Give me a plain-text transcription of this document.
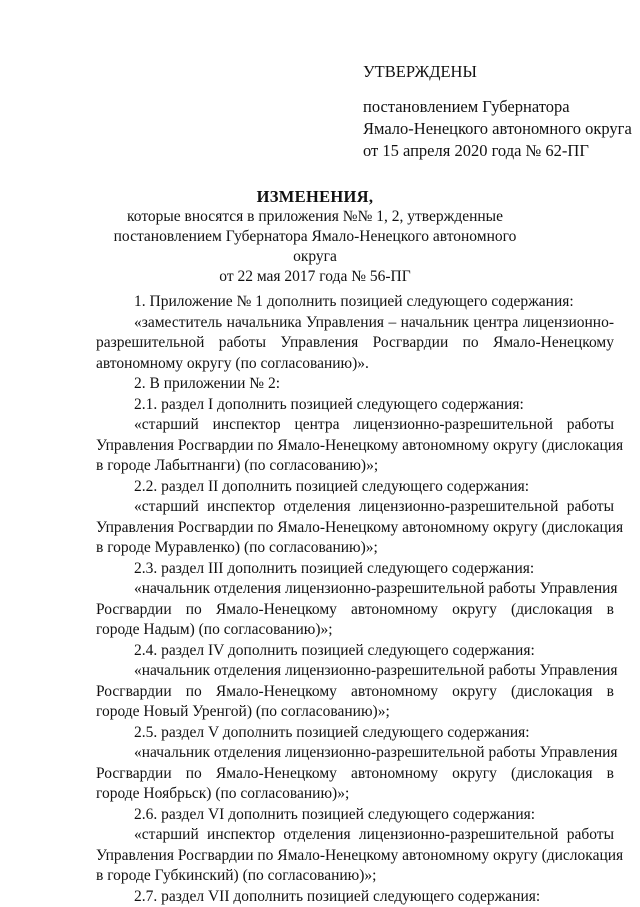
УТВЕРЖДЕНЫ
постановлением Губернатора
Ямало-Ненецкого автономного округа
от 15 апреля 2020 года № 62-ПГ
ИЗМЕНЕНИЯ,
которые вносятся в приложения №№ 1, 2, утвержденные
постановлением Губернатора Ямало-Ненецкого автономного округа
от 22 мая 2017 года № 56-ПГ
1. Приложение № 1 дополнить позицией следующего содержания:
«заместитель начальника Управления – начальник центра лицензионно-
разрешительной работы Управления Росгвардии по Ямало-Ненецкому
автономному округу (по согласованию)».
2. В приложении № 2:
2.1. раздел I дополнить позицией следующего содержания:
«старший инспектор центра лицензионно-разрешительной работы
Управления Росгвардии по Ямало-Ненецкому автономному округу (дислокация
в городе Лабытнанги) (по согласованию)»;
2.2. раздел II дополнить позицией следующего содержания:
«старший инспектор отделения лицензионно-разрешительной работы
Управления Росгвардии по Ямало-Ненецкому автономному округу (дислокация
в городе Муравленко) (по согласованию)»;
2.3. раздел III дополнить позицией следующего содержания:
«начальник отделения лицензионно-разрешительной работы Управления
Росгвардии по Ямало-Ненецкому автономному округу (дислокация в
городе Надым) (по согласованию)»;
2.4. раздел IV дополнить позицией следующего содержания:
«начальник отделения лицензионно-разрешительной работы Управления
Росгвардии по Ямало-Ненецкому автономному округу (дислокация в
городе Новый Уренгой) (по согласованию)»;
2.5. раздел V дополнить позицией следующего содержания:
«начальник отделения лицензионно-разрешительной работы Управления
Росгвардии по Ямало-Ненецкому автономному округу (дислокация в
городе Ноябрьск) (по согласованию)»;
2.6. раздел VI дополнить позицией следующего содержания:
«старший инспектор отделения лицензионно-разрешительной работы
Управления Росгвардии по Ямало-Ненецкому автономному округу (дислокация
в городе Губкинский) (по согласованию)»;
2.7. раздел VII дополнить позицией следующего содержания:
